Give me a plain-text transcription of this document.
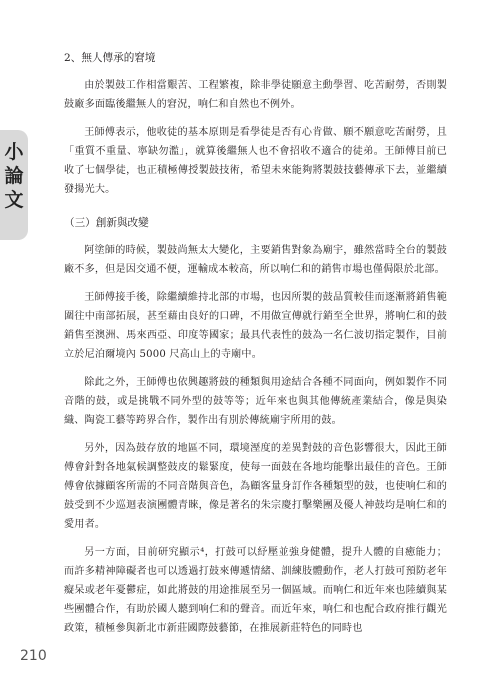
小
論
文
2、無人傳承的窘境

由於製鼓工作相當艱苦、工程繁複，除非學徒願意主動學習、吃苦耐勞，否則製鼓廠多面臨後繼無人的窘況，响仁和自然也不例外。

王師傅表示，他收徒的基本原則是看學徒是否有心肯做、願不願意吃苦耐勞，且「重質不重量、寧缺勿濫」，就算後繼無人也不會招收不適合的徒弟。王師傅目前已收了七個學徒，也正積極傳授製鼓技術，希望未來能夠將製鼓技藝傳承下去，並繼續發揚光大。

（三）創新與改變

阿塗師的時候，製鼓尚無太大變化，主要銷售對象為廟宇，雖然當時全台的製鼓廠不多，但是因交通不便，運輸成本較高，所以响仁和的銷售市場也僅侷限於北部。

王師傅接手後，除繼續維持北部的市場，也因所製的鼓品質較佳而逐漸將銷售範圍往中南部拓展，甚至藉由良好的口碑，不用做宣傳就行銷至全世界，將响仁和的鼓銷售至澳洲、馬來西亞、印度等國家；最具代表性的鼓為一名仁波切指定製作，目前立於尼泊爾境內 5000 尺高山上的寺廟中。

除此之外，王師傅也依興趣將鼓的種類與用途結合各種不同面向，例如製作不同音階的鼓，或是挑戰不同外型的鼓等等；近年來也與其他傳統產業結合，像是與染織、陶瓷工藝等跨界合作，製作出有別於傳統廟宇所用的鼓。

另外，因為鼓存放的地區不同，環境溼度的差異對鼓的音色影響很大，因此王師傅會針對各地氣候調整鼓皮的鬆緊度，使每一面鼓在各地均能擊出最佳的音色。王師傅會依據顧客所需的不同音階與音色，為顧客量身訂作各種類型的鼓，也使响仁和的鼓受到不少巡迴表演團體青睞，像是著名的朱宗慶打擊樂團及優人神鼓均是响仁和的愛用者。

另一方面，目前研究顯示⁴，打鼓可以紓壓並強身健體，提升人體的自癒能力；而許多精神障礙者也可以透過打鼓來傳遞情緒、訓練肢體動作，老人打鼓可預防老年癡呆或老年憂鬱症，如此將鼓的用途推展至另一個區域。而响仁和近年來也陸續與某些團體合作，有助於國人聽到响仁和的聲音。而近年來，响仁和也配合政府推行觀光政策，積極參與新北市新莊國際鼓藝節，在推展新莊特色的同時也

210
